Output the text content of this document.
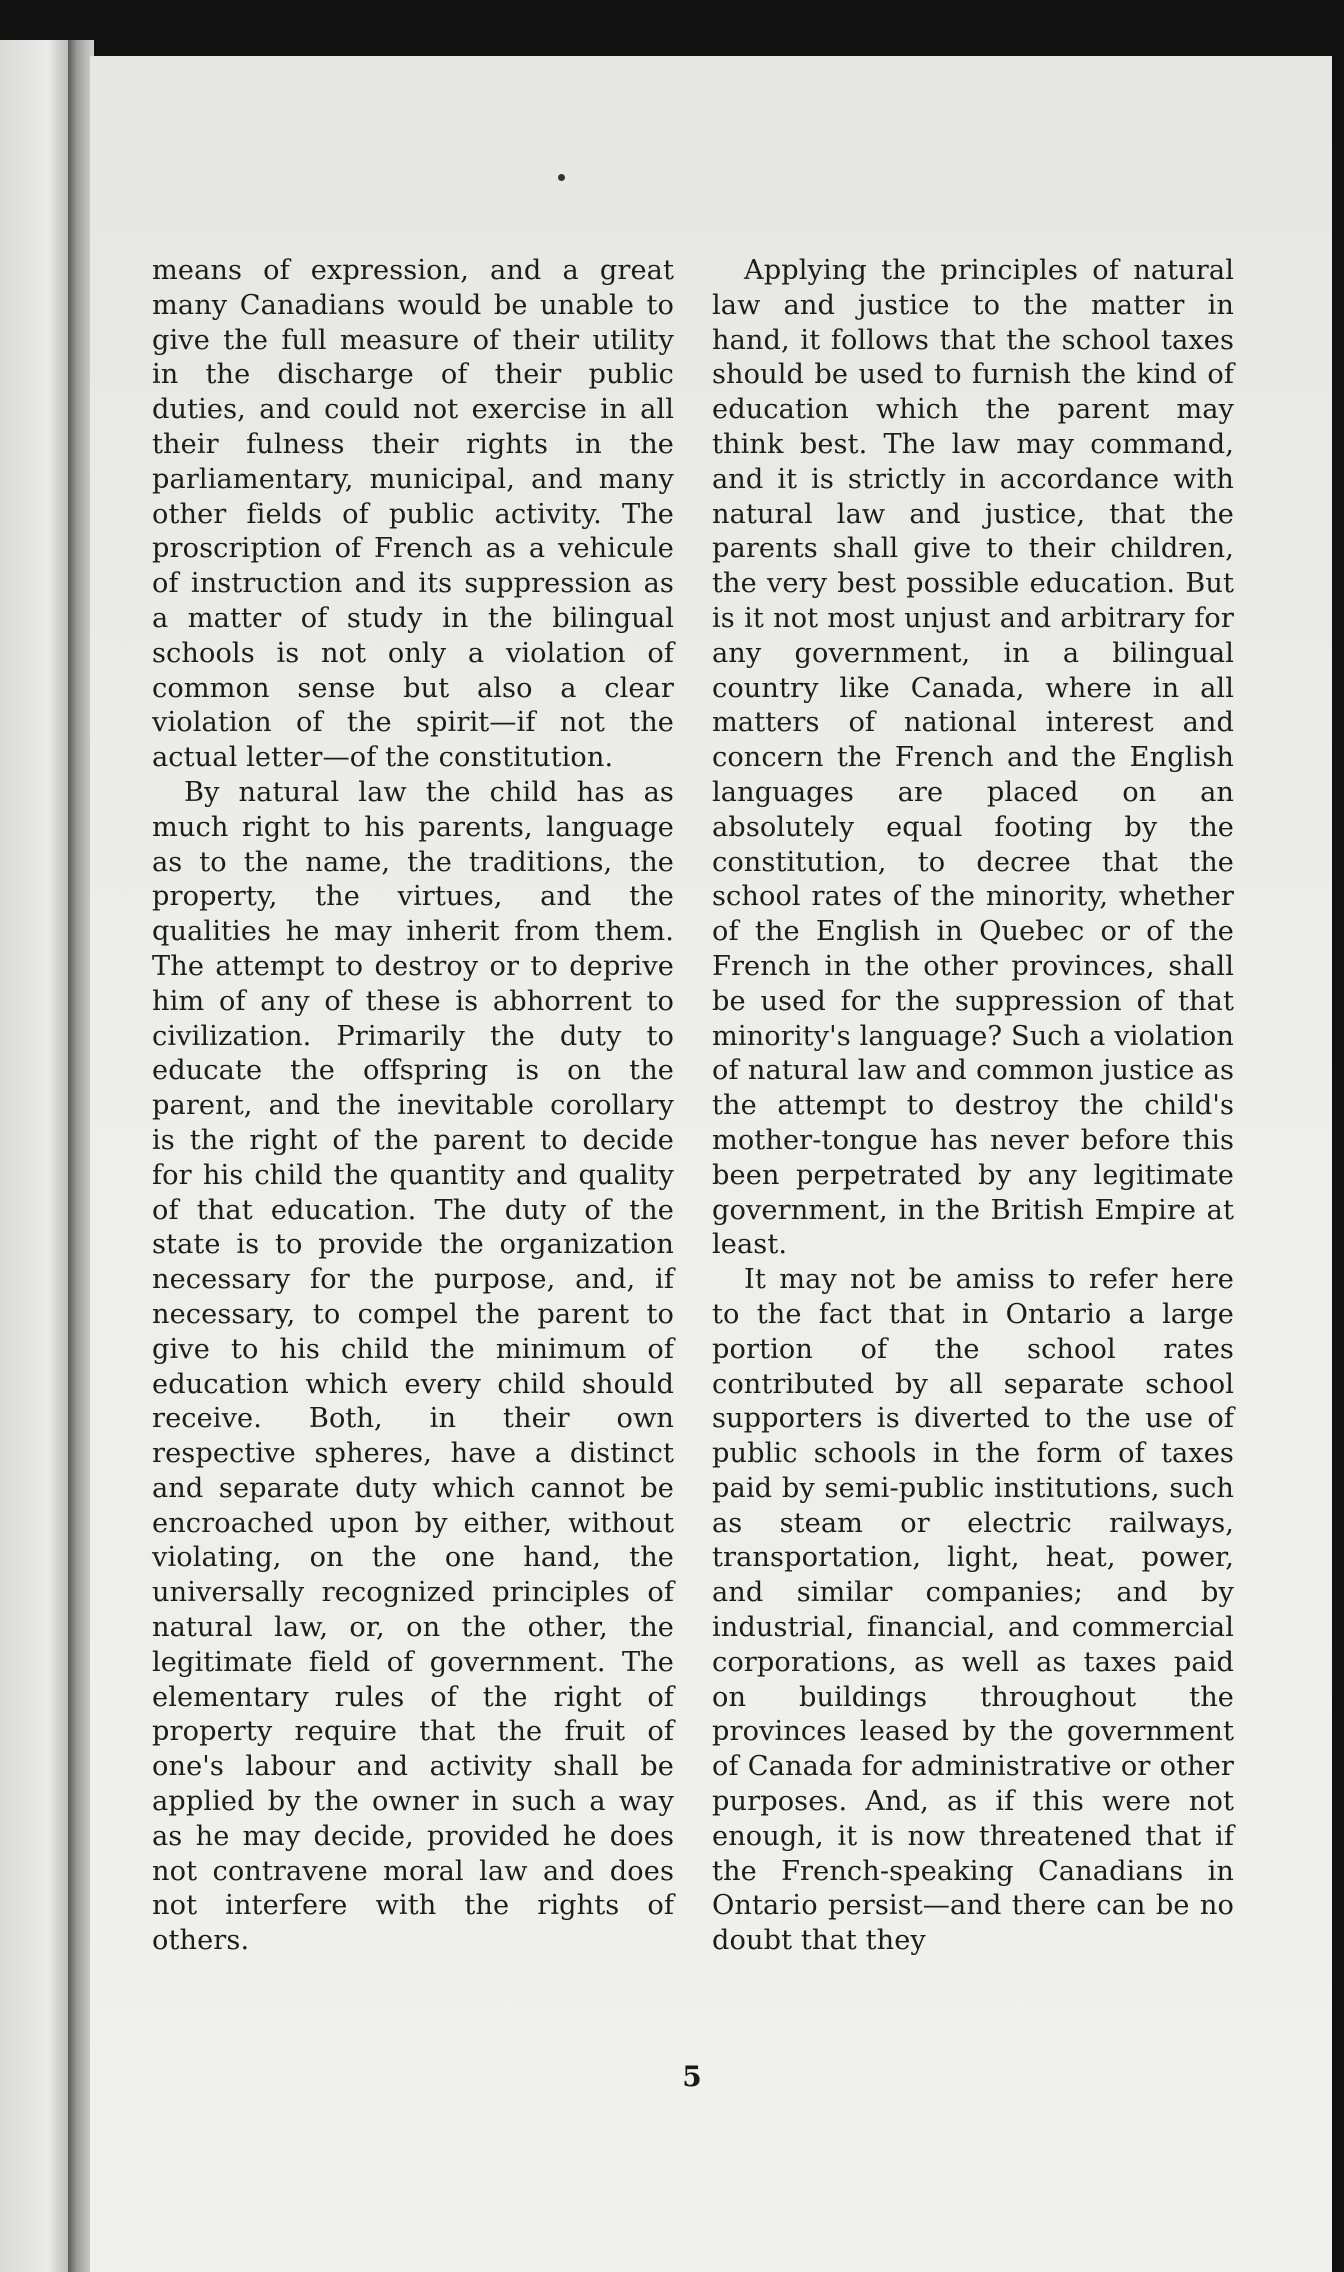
means of expression, and a great many Canadians would be unable to give the full measure of their utility in the discharge of their public duties, and could not exercise in all their fulness their rights in the parliamentary, municipal, and many other fields of public activity. The proscription of French as a vehicule of instruction and its suppression as a matter of study in the bilingual schools is not only a violation of common sense but also a clear violation of the spirit—if not the actual letter—of the constitution.

By natural law the child has as much right to his parents, language as to the name, the traditions, the property, the virtues, and the qualities he may inherit from them. The attempt to destroy or to deprive him of any of these is abhorrent to civilization. Primarily the duty to educate the offspring is on the parent, and the inevitable corollary is the right of the parent to decide for his child the quantity and quality of that education. The duty of the state is to provide the organization necessary for the purpose, and, if necessary, to compel the parent to give to his child the minimum of education which every child should receive. Both, in their own respective spheres, have a distinct and separate duty which cannot be encroached upon by either, without violating, on the one hand, the universally recognized principles of natural law, or, on the other, the legitimate field of government. The elementary rules of the right of property require that the fruit of one's labour and activity shall be applied by the owner in such a way as he may decide, provided he does not contravene moral law and does not interfere with the rights of others.

Applying the principles of natural law and justice to the matter in hand, it follows that the school taxes should be used to furnish the kind of education which the parent may think best. The law may command, and it is strictly in accordance with natural law and justice, that the parents shall give to their children, the very best possible education. But is it not most unjust and arbitrary for any government, in a bilingual country like Canada, where in all matters of national interest and concern the French and the English languages are placed on an absolutely equal footing by the constitution, to decree that the school rates of the minority, whether of the English in Quebec or of the French in the other provinces, shall be used for the suppression of that minority's language? Such a violation of natural law and common justice as the attempt to destroy the child's mother-tongue has never before this been perpetrated by any legitimate government, in the British Empire at least.

It may not be amiss to refer here to the fact that in Ontario a large portion of the school rates contributed by all separate school supporters is diverted to the use of public schools in the form of taxes paid by semi-public institutions, such as steam or electric railways, transportation, light, heat, power, and similar companies; and by industrial, financial, and commercial corporations, as well as taxes paid on buildings throughout the provinces leased by the government of Canada for administrative or other purposes. And, as if this were not enough, it is now threatened that if the French-speaking Canadians in Ontario persist—and there can be no doubt that they

5
